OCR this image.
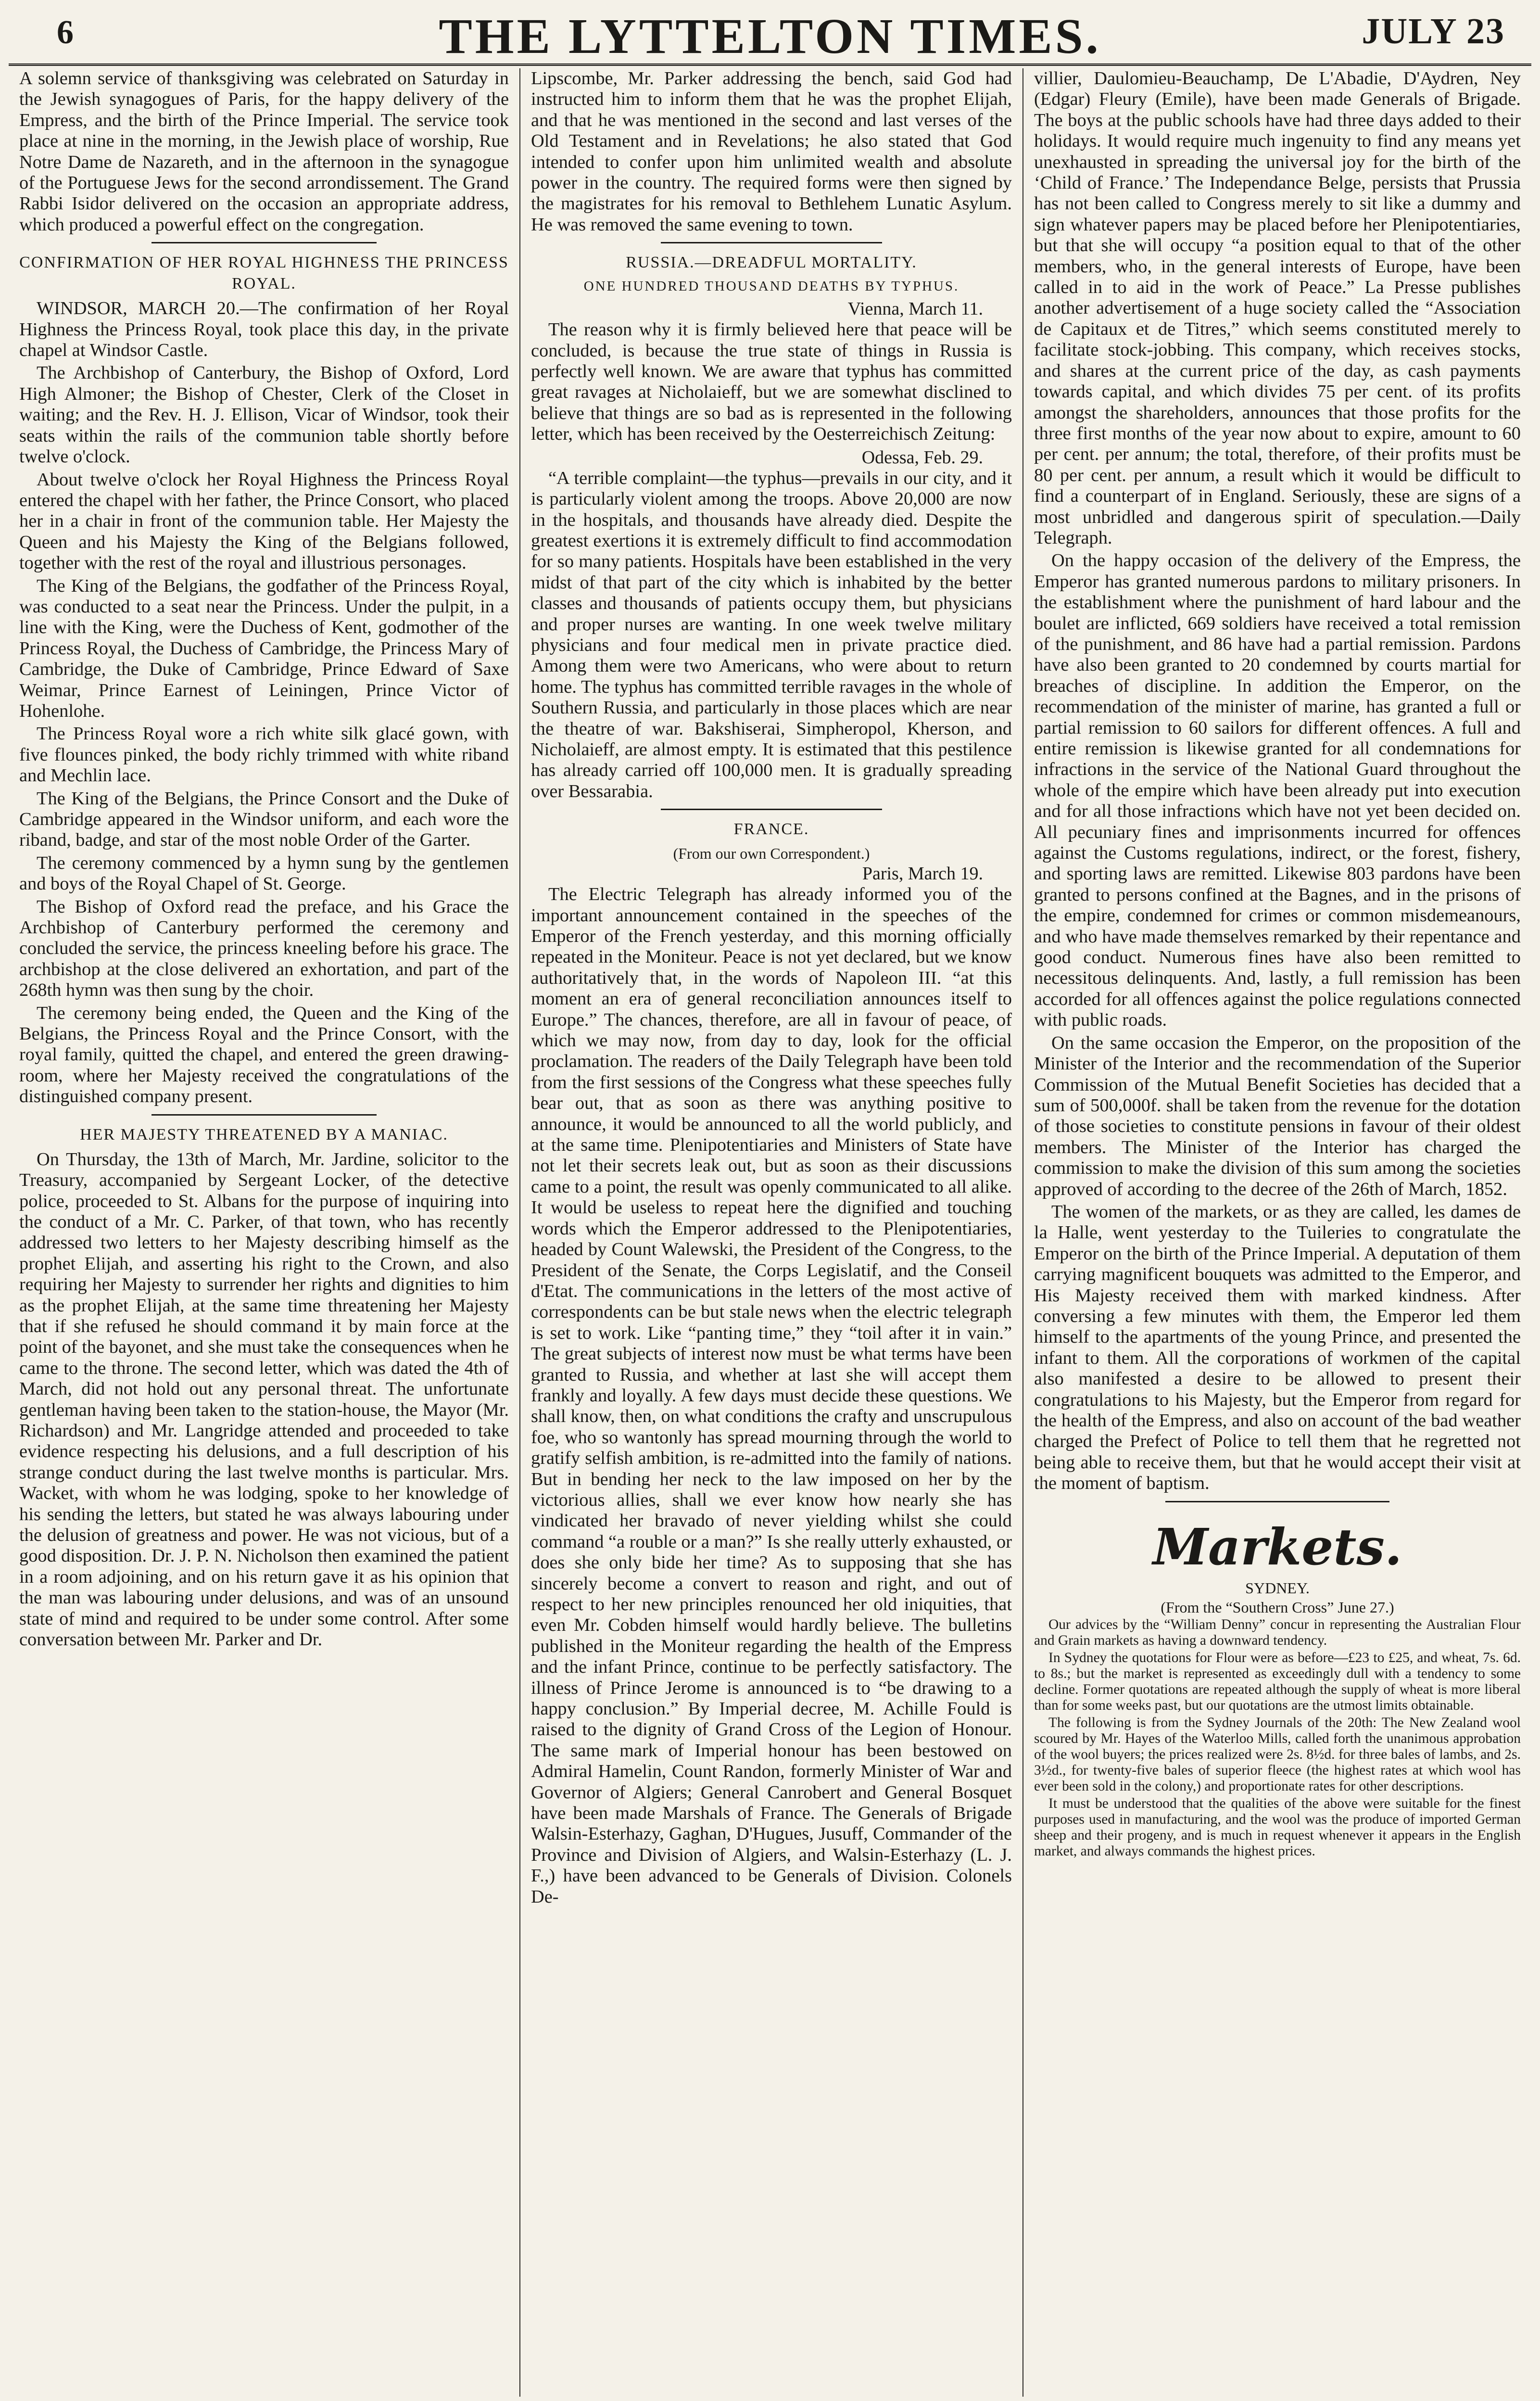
6	THE LYTTELTON TIMES.	JULY 23

A solemn service of thanksgiving was celebrated on Saturday in the Jewish synagogues of Paris, for the happy delivery of the Empress, and the birth of the Prince Imperial. The service took place at nine in the morning, in the Jewish place of worship, Rue Notre Dame de Nazareth, and in the afternoon in the synagogue of the Portuguese Jews for the second arrondissement. The Grand Rabbi Isidor delivered on the occasion an appropriate address, which produced a powerful effect on the congregation.

CONFIRMATION OF HER ROYAL HIGHNESS THE PRINCESS ROYAL.

WINDSOR, MARCH 20.—The confirmation of her Royal Highness the Princess Royal, took place this day, in the private chapel at Windsor Castle.

The Archbishop of Canterbury, the Bishop of Oxford, Lord High Almoner; the Bishop of Chester, Clerk of the Closet in waiting; and the Rev. H. J. Ellison, Vicar of Windsor, took their seats within the rails of the communion table shortly before twelve o'clock.

About twelve o'clock her Royal Highness the Princess Royal entered the chapel with her father, the Prince Consort, who placed her in a chair in front of the communion table. Her Majesty the Queen and his Majesty the King of the Belgians followed, together with the rest of the royal and illustrious personages.

The King of the Belgians, the godfather of the Princess Royal, was conducted to a seat near the Princess. Under the pulpit, in a line with the King, were the Duchess of Kent, godmother of the Princess Royal, the Duchess of Cambridge, the Princess Mary of Cambridge, the Duke of Cambridge, Prince Edward of Saxe Weimar, Prince Earnest of Leiningen, Prince Victor of Hohenlohe.

The Princess Royal wore a rich white silk glacé gown, with five flounces pinked, the body richly trimmed with white riband and Mechlin lace.

The King of the Belgians, the Prince Consort and the Duke of Cambridge appeared in the Windsor uniform, and each wore the riband, badge, and star of the most noble Order of the Garter.

The ceremony commenced by a hymn sung by the gentlemen and boys of the Royal Chapel of St. George.

The Bishop of Oxford read the preface, and his Grace the Archbishop of Canterbury performed the ceremony and concluded the service, the princess kneeling before his grace. The archbishop at the close delivered an exhortation, and part of the 268th hymn was then sung by the choir.

The ceremony being ended, the Queen and the King of the Belgians, the Princess Royal and the Prince Consort, with the royal family, quitted the chapel, and entered the green drawing-room, where her Majesty received the congratulations of the distinguished company present.

HER MAJESTY THREATENED BY A MANIAC.

On Thursday, the 13th of March, Mr. Jardine, solicitor to the Treasury, accompanied by Sergeant Locker, of the detective police, proceeded to St. Albans for the purpose of inquiring into the conduct of a Mr. C. Parker, of that town, who has recently addressed two letters to her Majesty describing himself as the prophet Elijah, and asserting his right to the Crown, and also requiring her Majesty to surrender her rights and dignities to him as the prophet Elijah, at the same time threatening her Majesty that if she refused he should command it by main force at the point of the bayonet, and she must take the consequences when he came to the throne. The second letter, which was dated the 4th of March, did not hold out any personal threat. The unfortunate gentleman having been taken to the station-house, the Mayor (Mr. Richardson) and Mr. Langridge attended and proceeded to take evidence respecting his delusions, and a full description of his strange conduct during the last twelve months is particular. Mrs. Wacket, with whom he was lodging, spoke to her knowledge of his sending the letters, but stated he was always labouring under the delusion of greatness and power. He was not vicious, but of a good disposition. Dr. J. P. N. Nicholson then examined the patient in a room adjoining, and on his return gave it as his opinion that the man was labouring under delusions, and was of an unsound state of mind and required to be under some control. After some conversation between Mr. Parker and Dr.

Lipscombe, Mr. Parker addressing the bench, said God had instructed him to inform them that he was the prophet Elijah, and that he was mentioned in the second and last verses of the Old Testament and in Revelations; he also stated that God intended to confer upon him unlimited wealth and absolute power in the country. The required forms were then signed by the magistrates for his removal to Bethlehem Lunatic Asylum. He was removed the same evening to town.

RUSSIA.—DREADFUL MORTALITY.
ONE HUNDRED THOUSAND DEATHS BY TYPHUS.
Vienna, March 11.

The reason why it is firmly believed here that peace will be concluded, is because the true state of things in Russia is perfectly well known. We are aware that typhus has committed great ravages at Nicholaieff, but we are somewhat disclined to believe that things are so bad as is represented in the following letter, which has been received by the Oesterreichisch Zeitung:

Odessa, Feb. 29.

“A terrible complaint—the typhus—prevails in our city, and it is particularly violent among the troops. Above 20,000 are now in the hospitals, and thousands have already died. Despite the greatest exertions it is extremely difficult to find accommodation for so many patients. Hospitals have been established in the very midst of that part of the city which is inhabited by the better classes and thousands of patients occupy them, but physicians and proper nurses are wanting. In one week twelve military physicians and four medical men in private practice died. Among them were two Americans, who were about to return home. The typhus has committed terrible ravages in the whole of Southern Russia, and particularly in those places which are near the theatre of war. Bakshiserai, Simpheropol, Kherson, and Nicholaieff, are almost empty. It is estimated that this pestilence has already carried off 100,000 men. It is gradually spreading over Bessarabia.

FRANCE.
(From our own Correspondent.)
Paris, March 19.

The Electric Telegraph has already informed you of the important announcement contained in the speeches of the Emperor of the French yesterday, and this morning officially repeated in the Moniteur. Peace is not yet declared, but we know authoritatively that, in the words of Napoleon III. “at this moment an era of general reconciliation announces itself to Europe.” The chances, therefore, are all in favour of peace, of which we may now, from day to day, look for the official proclamation. The readers of the Daily Telegraph have been told from the first sessions of the Congress what these speeches fully bear out, that as soon as there was anything positive to announce, it would be announced to all the world publicly, and at the same time. Plenipotentiaries and Ministers of State have not let their secrets leak out, but as soon as their discussions came to a point, the result was openly communicated to all alike. It would be useless to repeat here the dignified and touching words which the Emperor addressed to the Plenipotentiaries, headed by Count Walewski, the President of the Congress, to the President of the Senate, the Corps Legislatif, and the Conseil d'Etat. The communications in the letters of the most active of correspondents can be but stale news when the electric telegraph is set to work. Like “panting time,” they “toil after it in vain.” The great subjects of interest now must be what terms have been granted to Russia, and whether at last she will accept them frankly and loyally. A few days must decide these questions. We shall know, then, on what conditions the crafty and unscrupulous foe, who so wantonly has spread mourning through the world to gratify selfish ambition, is re-admitted into the family of nations. But in bending her neck to the law imposed on her by the victorious allies, shall we ever know how nearly she has vindicated her bravado of never yielding whilst she could command “a rouble or a man?” Is she really utterly exhausted, or does she only bide her time? As to supposing that she has sincerely become a convert to reason and right, and out of respect to her new principles renounced her old iniquities, that even Mr. Cobden himself would hardly believe. The bulletins published in the Moniteur regarding the health of the Empress and the infant Prince, continue to be perfectly satisfactory. The illness of Prince Jerome is announced is to “be drawing to a happy conclusion.” By Imperial decree, M. Achille Fould is raised to the dignity of Grand Cross of the Legion of Honour. The same mark of Imperial honour has been bestowed on Admiral Hamelin, Count Randon, formerly Minister of War and Governor of Algiers; General Canrobert and General Bosquet have been made Marshals of France. The Generals of Brigade Walsin-Esterhazy, Gaghan, D'Hugues, Jusuff, Commander of the Province and Division of Algiers, and Walsin-Esterhazy (L. J. F.,) have been advanced to be Generals of Division. Colonels De-

villier, Daulomieu-Beauchamp, De L'Abadie, D'Aydren, Ney (Edgar) Fleury (Emile), have been made Generals of Brigade. The boys at the public schools have had three days added to their holidays. It would require much ingenuity to find any means yet unexhausted in spreading the universal joy for the birth of the ‘Child of France.’ The Independance Belge, persists that Prussia has not been called to Congress merely to sit like a dummy and sign whatever papers may be placed before her Plenipotentiaries, but that she will occupy “a position equal to that of the other members, who, in the general interests of Europe, have been called in to aid in the work of Peace.” La Presse publishes another advertisement of a huge society called the “Association de Capitaux et de Titres,” which seems constituted merely to facilitate stock-jobbing. This company, which receives stocks, and shares at the current price of the day, as cash payments towards capital, and which divides 75 per cent. of its profits amongst the shareholders, announces that those profits for the three first months of the year now about to expire, amount to 60 per cent. per annum; the total, therefore, of their profits must be 80 per cent. per annum, a result which it would be difficult to find a counterpart of in England. Seriously, these are signs of a most unbridled and dangerous spirit of speculation.—Daily Telegraph.

On the happy occasion of the delivery of the Empress, the Emperor has granted numerous pardons to military prisoners. In the establishment where the punishment of hard labour and the boulet are inflicted, 669 soldiers have received a total remission of the punishment, and 86 have had a partial remission. Pardons have also been granted to 20 condemned by courts martial for breaches of discipline. In addition the Emperor, on the recommendation of the minister of marine, has granted a full or partial remission to 60 sailors for different offences. A full and entire remission is likewise granted for all condemnations for infractions in the service of the National Guard throughout the whole of the empire which have been already put into execution and for all those infractions which have not yet been decided on. All pecuniary fines and imprisonments incurred for offences against the Customs regulations, indirect, or the forest, fishery, and sporting laws are remitted. Likewise 803 pardons have been granted to persons confined at the Bagnes, and in the prisons of the empire, condemned for crimes or common misdemeanours, and who have made themselves remarked by their repentance and good conduct. Numerous fines have also been remitted to necessitous delinquents. And, lastly, a full remission has been accorded for all offences against the police regulations connected with public roads.

On the same occasion the Emperor, on the proposition of the Minister of the Interior and the recommendation of the Superior Commission of the Mutual Benefit Societies has decided that a sum of 500,000f. shall be taken from the revenue for the dotation of those societies to constitute pensions in favour of their oldest members. The Minister of the Interior has charged the commission to make the division of this sum among the societies approved of according to the decree of the 26th of March, 1852.

The women of the markets, or as they are called, les dames de la Halle, went yesterday to the Tuileries to congratulate the Emperor on the birth of the Prince Imperial. A deputation of them carrying magnificent bouquets was admitted to the Emperor, and His Majesty received them with marked kindness. After conversing a few minutes with them, the Emperor led them himself to the apartments of the young Prince, and presented the infant to them. All the corporations of workmen of the capital also manifested a desire to be allowed to present their congratulations to his Majesty, but the Emperor from regard for the health of the Empress, and also on account of the bad weather charged the Prefect of Police to tell them that he regretted not being able to receive them, but that he would accept their visit at the moment of baptism.

Markets.
SYDNEY.
(From the “Southern Cross” June 27.)

Our advices by the “William Denny” concur in representing the Australian Flour and Grain markets as having a downward tendency.

In Sydney the quotations for Flour were as before—£23 to £25, and wheat, 7s. 6d. to 8s.; but the market is represented as exceedingly dull with a tendency to some decline. Former quotations are repeated although the supply of wheat is more liberal than for some weeks past, but our quotations are the utmost limits obtainable.

The following is from the Sydney Journals of the 20th: The New Zealand wool scoured by Mr. Hayes of the Waterloo Mills, called forth the unanimous approbation of the wool buyers; the prices realized were 2s. 8½d. for three bales of lambs, and 2s. 3½d., for twenty-five bales of superior fleece (the highest rates at which wool has ever been sold in the colony,) and proportionate rates for other descriptions.

It must be understood that the qualities of the above were suitable for the finest purposes used in manufacturing, and the wool was the produce of imported German sheep and their progeny, and is much in request whenever it appears in the English market, and always commands the highest prices.
